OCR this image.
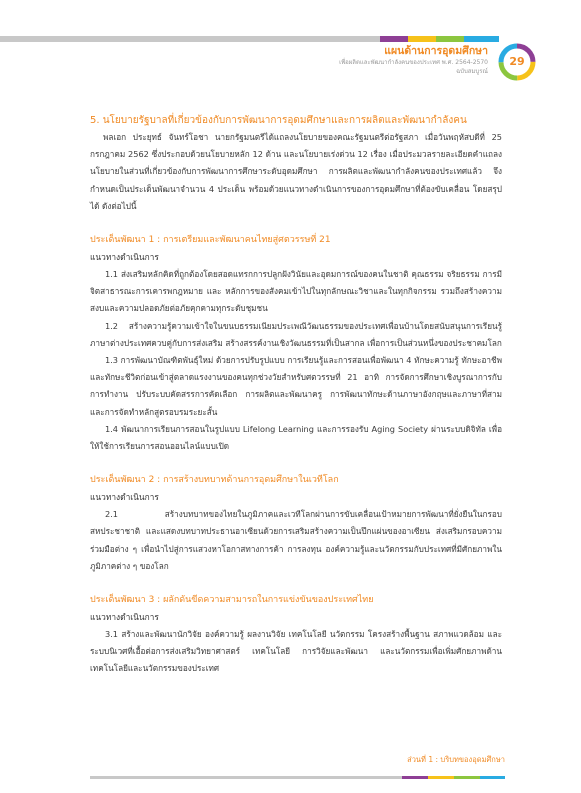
แผนด้านการอุดมศึกษา
เพื่อผลิตและพัฒนากำลังคนของประเทศ พ.ศ. 2564-2570
ฉบับสมบูรณ์
29

5. นโยบายรัฐบาลที่เกี่ยวข้องกับการพัฒนาการอุดมศึกษาและการผลิตและพัฒนากำลังคน

พลเอก ประยุทธ์ จันทร์โอชา นายกรัฐมนตรีได้แถลงนโยบายของคณะรัฐมนตรีต่อรัฐสภา เมื่อวันพฤหัสบดีที่ 25 กรกฎาคม 2562 ซึ่งประกอบด้วยนโยบายหลัก 12 ด้าน และนโยบายเร่งด่วน 12 เรื่อง เมื่อประมวลรายละเอียดคำแถลงนโยบายในส่วนที่เกี่ยวข้องกับการพัฒนาการศึกษาระดับอุดมศึกษา การผลิตและพัฒนากำลังคนของประเทศแล้ว จึงกำหนดเป็นประเด็นพัฒนาจำนวน 4 ประเด็น พร้อมด้วยแนวทางดำเนินการของการอุดมศึกษาที่ต้องขับเคลื่อน โดยสรุปได้ ดังต่อไปนี้

ประเด็นพัฒนา 1 : การเตรียมและพัฒนาคนไทยสู่ศตวรรษที่ 21

แนวทางดำเนินการ

1.1 ส่งเสริมหลักคิดที่ถูกต้องโดยสอดแทรกการปลูกฝังวินัยและอุดมการณ์ของคนในชาติ คุณธรรม จริยธรรม การมีจิตสาธารณะการเคารพกฎหมาย และ หลักการของสังคมเข้าไปในทุกลักษณะวิชาและในทุกกิจกรรม รวมถึงสร้างความสงบและความปลอดภัยต่อภัยคุกคามทุกระดับชุมชน

1.2 สร้างความรู้ความเข้าใจในขนบธรรมเนียมประเพณีวัฒนธรรมของประเทศเพื่อนบ้านโดยสนับสนุนการเรียนรู้ภาษาต่างประเทศควบคู่กับการส่งเสริม สร้างสรรค์งานเชิงวัฒนธรรมที่เป็นสากล เพื่อการเป็นส่วนหนึ่งของประชาคมโลก

1.3 การพัฒนาบัณฑิตพันธุ์ใหม่ ด้วยการปรับรูปแบบ การเรียนรู้และการสอนเพื่อพัฒนา 4 ทักษะความรู้ ทักษะอาชีพ และทักษะชีวิตก่อนเข้าสู่ตลาดแรงงานของคนทุกช่วงวัยสำหรับศตวรรษที่ 21 อาทิ การจัดการศึกษาเชิงบูรณาการกับการทำงาน ปรับระบบคัดสรรการคัดเลือก การผลิตและพัฒนาครู การพัฒนาทักษะด้านภาษาอังกฤษและภาษาที่สาม และการจัดทำหลักสูตรอบรมระยะสั้น

1.4 พัฒนาการเรียนการสอนในรูปแบบ Lifelong Learning และการรองรับ Aging Society ผ่านระบบดิจิทัล เพื่อให้ใช้การเรียนการสอนออนไลน์แบบเปิด

ประเด็นพัฒนา 2 : การสร้างบทบาทด้านการอุดมศึกษาในเวทีโลก

แนวทางดำเนินการ

2.1 สร้างบทบาทของไทยในภูมิภาคและเวทีโลกผ่านการขับเคลื่อนเป้าหมายการพัฒนาที่ยั่งยืนในกรอบสหประชาชาติ และแสดงบทบาทประธานอาเซียนด้วยการเสริมสร้างความเป็นปึกแผ่นของอาเซียน ส่งเสริมกรอบความร่วมมือต่าง ๆ เพื่อนำไปสู่การแสวงหาโอกาสทางการค้า การลงทุน องค์ความรู้และนวัตกรรมกับประเทศที่มีศักยภาพในภูมิภาคต่าง ๆ ของโลก

ประเด็นพัฒนา 3 : ผลักดันขีดความสามารถในการแข่งขันของประเทศไทย

แนวทางดำเนินการ

3.1 สร้างและพัฒนานักวิจัย องค์ความรู้ ผลงานวิจัย เทคโนโลยี นวัตกรรม โครงสร้างพื้นฐาน สภาพแวดล้อม และระบบนิเวศที่เอื้อต่อการส่งเสริมวิทยาศาสตร์ เทคโนโลยี การวิจัยและพัฒนา และนวัตกรรมเพื่อเพิ่มศักยภาพด้านเทคโนโลยีและนวัตกรรมของประเทศ

ส่วนที่ 1 : บริบทของอุดมศึกษา
